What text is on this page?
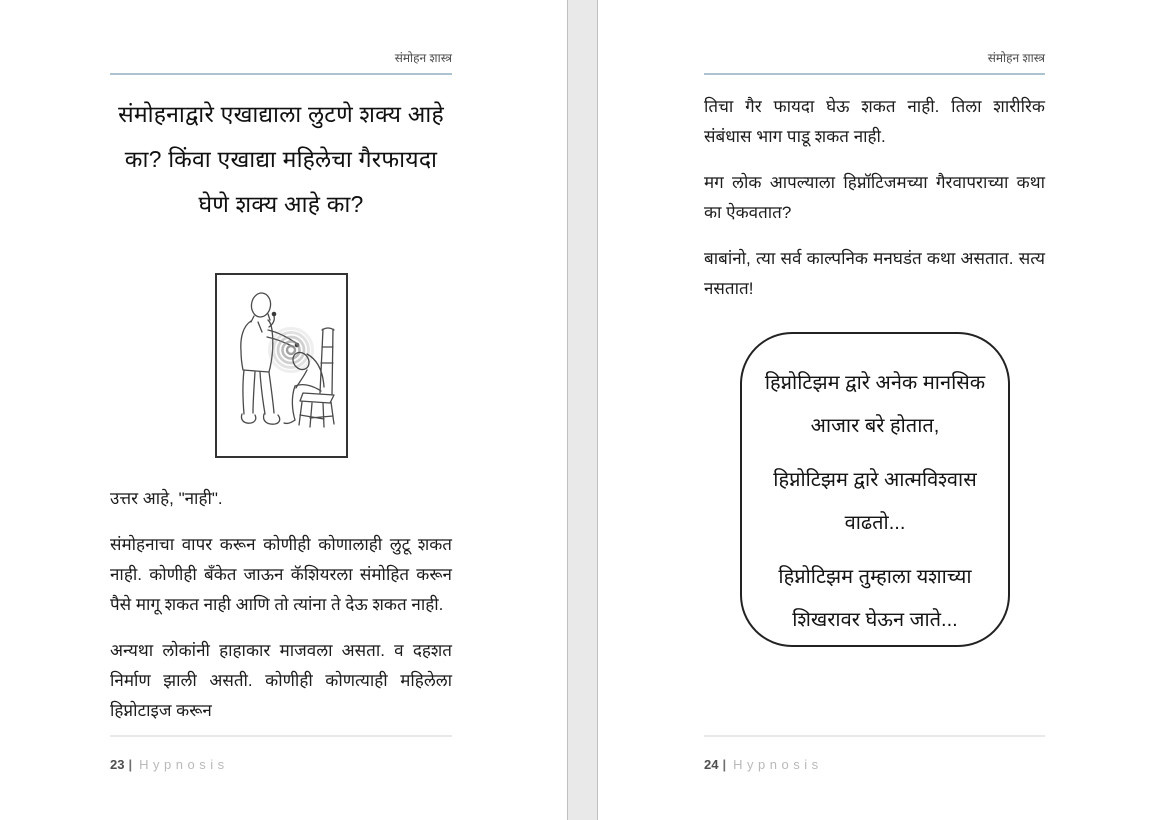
संमोहन शास्त्र
संमोहनाद्वारे एखाद्याला लुटणे शक्य आहे का? किंवा एखाद्या महिलेचा गैरफायदा घेणे शक्य आहे का?

उत्तर आहे, "नाही".

संमोहनाचा वापर करून कोणीही कोणालाही लुटू शकत नाही. कोणीही बँकेत जाऊन कॅशियरला संमोहित करून पैसे मागू शकत नाही आणि तो त्यांना ते देऊ शकत नाही.

अन्यथा लोकांनी हाहाकार माजवला असता. व दहशत निर्माण झाली असती. कोणीही कोणत्याही महिलेला हिप्नोटाइज करून

23 | Hypnosis
संमोहन शास्त्र

तिचा गैर फायदा घेऊ शकत नाही. तिला शारीरिक संबंधास भाग पाडू शकत नाही.

मग लोक आपल्याला हिप्नॉटिजमच्या गैरवापराच्या कथा का ऐकवतात?

बाबांनो, त्या सर्व काल्पनिक मनघडंत कथा असतात. सत्य नसतात!

हिप्नोटिझम द्वारे अनेक मानसिक आजार बरे होतात,

हिप्नोटिझम द्वारे आत्मविश्वास वाढतो...

हिप्नोटिझम तुम्हाला यशाच्या शिखरावर घेऊन जाते...

24 | Hypnosis
